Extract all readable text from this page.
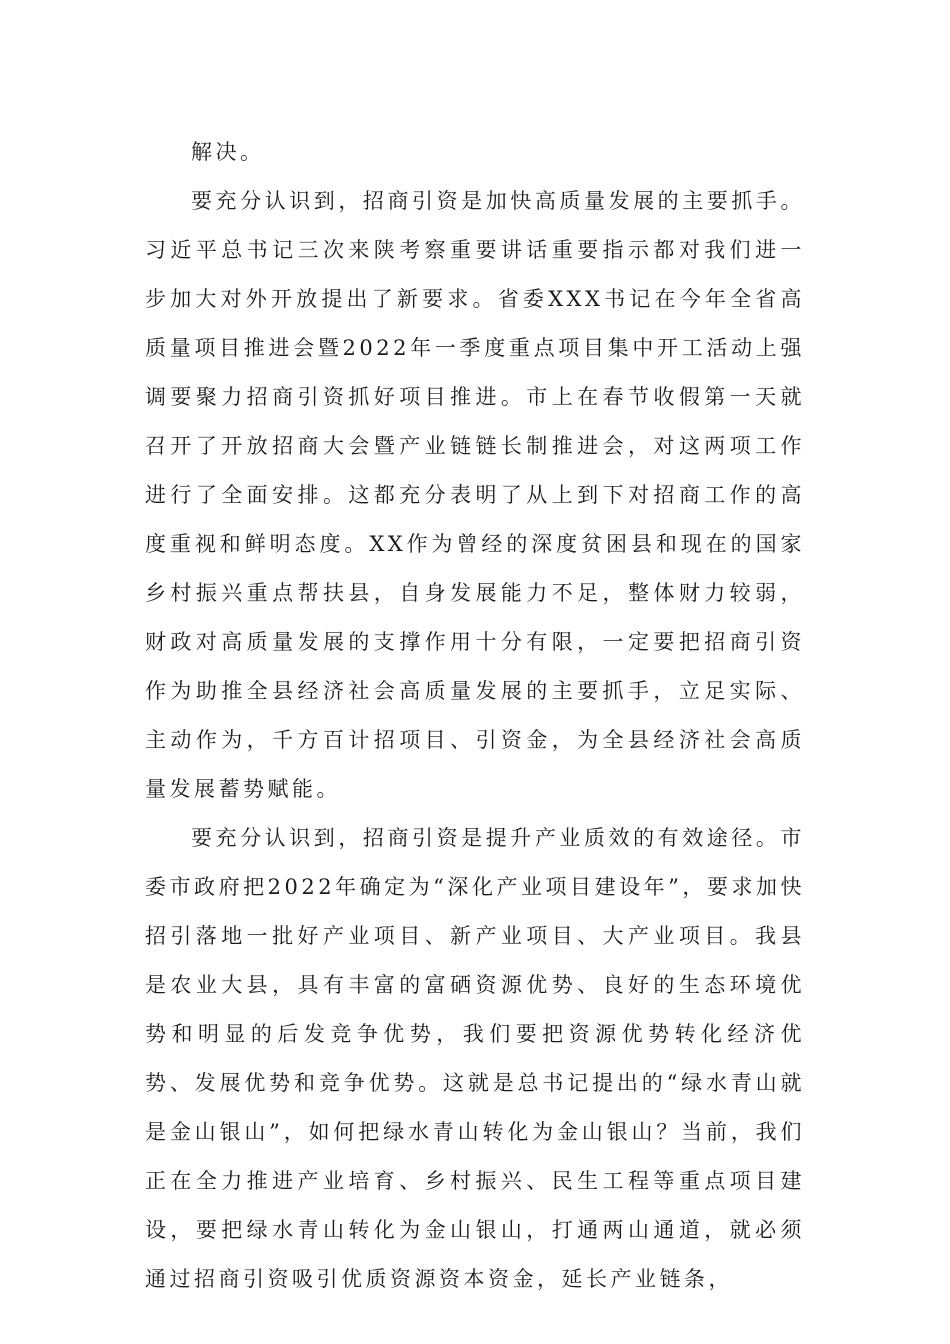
解决。

要充分认识到，招商引资是加快高质量发展的主要抓手。习近平总书记三次来陕考察重要讲话重要指示都对我们进一步加大对外开放提出了新要求。省委XXX书记在今年全省高质量项目推进会暨2022年一季度重点项目集中开工活动上强调要聚力招商引资抓好项目推进。市上在春节收假第一天就召开了开放招商大会暨产业链链长制推进会，对这两项工作进行了全面安排。这都充分表明了从上到下对招商工作的高度重视和鲜明态度。XX作为曾经的深度贫困县和现在的国家乡村振兴重点帮扶县，自身发展能力不足，整体财力较弱，财政对高质量发展的支撑作用十分有限，一定要把招商引资作为助推全县经济社会高质量发展的主要抓手，立足实际、主动作为，千方百计招项目、引资金，为全县经济社会高质量发展蓄势赋能。

要充分认识到，招商引资是提升产业质效的有效途径。市委市政府把2022年确定为“深化产业项目建设年”，要求加快招引落地一批好产业项目、新产业项目、大产业项目。我县是农业大县，具有丰富的富硒资源优势、良好的生态环境优势和明显的后发竞争优势，我们要把资源优势转化经济优势、发展优势和竞争优势。这就是总书记提出的“绿水青山就是金山银山”，如何把绿水青山转化为金山银山？当前，我们正在全力推进产业培育、乡村振兴、民生工程等重点项目建设，要把绿水青山转化为金山银山，打通两山通道，就必须通过招商引资吸引优质资源资本资金，延长产业链条，
